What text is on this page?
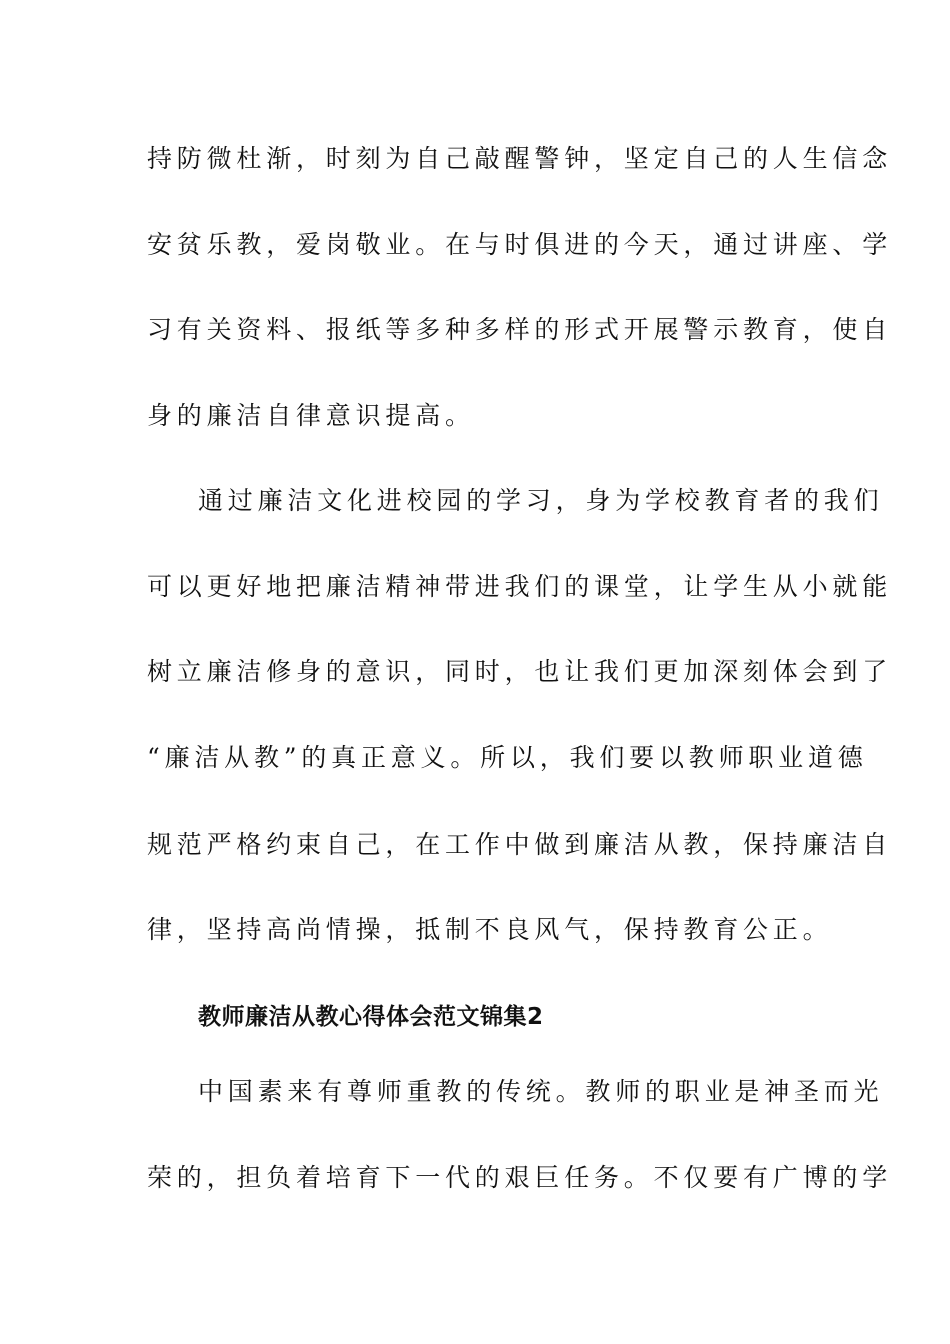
持防微杜渐，时刻为自己敲醒警钟，坚定自己的人生信念
安贫乐教，爱岗敬业。在与时俱进的今天，通过讲座、学
习有关资料、报纸等多种多样的形式开展警示教育，使自
身的廉洁自律意识提高。
通过廉洁文化进校园的学习，身为学校教育者的我们
可以更好地把廉洁精神带进我们的课堂，让学生从小就能
树立廉洁修身的意识，同时，也让我们更加深刻体会到了
“廉洁从教”的真正意义。所以，我们要以教师职业道德
规范严格约束自己，在工作中做到廉洁从教，保持廉洁自
律，坚持高尚情操，抵制不良风气，保持教育公正。
教师廉洁从教心得体会范文锦集2
中国素来有尊师重教的传统。教师的职业是神圣而光
荣的，担负着培育下一代的艰巨任务。不仅要有广博的学
